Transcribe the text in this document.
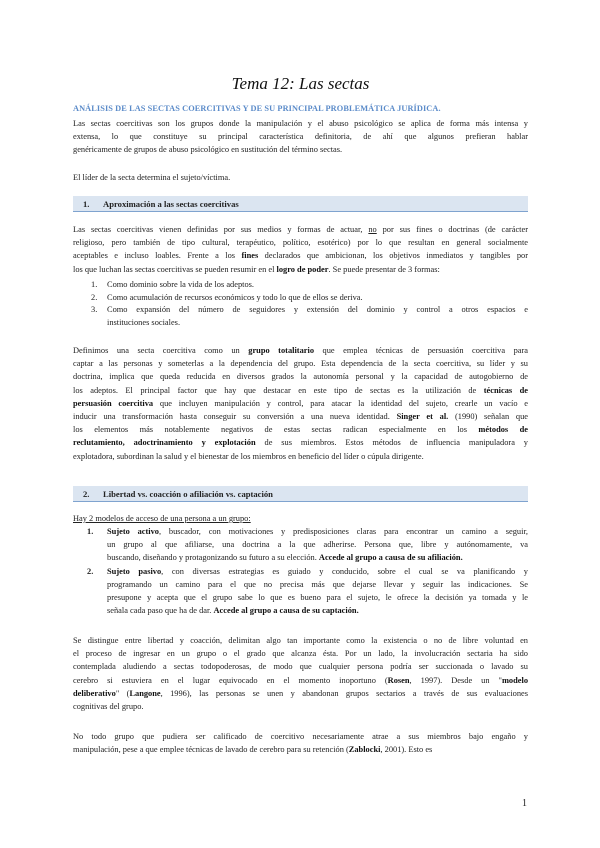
Tema 12: Las sectas
ANÁLISIS DE LAS SECTAS COERCITIVAS Y DE SU PRINCIPAL PROBLEMÁTICA JURÍDICA.
Las sectas coercitivas son los grupos donde la manipulación y el abuso psicológico se aplica de forma más intensa y
extensa, lo que constituye su principal característica definitoria, de ahí que algunos prefieran hablar
genéricamente de grupos de abuso psicológico en sustitución del término sectas.
El líder de la secta determina el sujeto/víctima.
1. Aproximación a las sectas coercitivas
Las sectas coercitivas vienen definidas por sus medios y formas de actuar, no por sus fines o doctrinas (de carácter
religioso, pero también de tipo cultural, terapéutico, político, esotérico) por lo que resultan en general socialmente
aceptables e incluso loables. Frente a los fines declarados que ambicionan, los objetivos inmediatos y tangibles por
los que luchan las sectas coercitivas se pueden resumir en el logro de poder. Se puede presentar de 3 formas:
1. Como dominio sobre la vida de los adeptos.
2. Como acumulación de recursos económicos y todo lo que de ellos se deriva.
3. Como expansión del número de seguidores y extensión del dominio y control a otros espacios e
instituciones sociales.
Definimos una secta coercitiva como un grupo totalitario que emplea técnicas de persuasión coercitiva para
captar a las personas y someterlas a la dependencia del grupo. Esta dependencia de la secta coercitiva, su líder y su
doctrina, implica que queda reducida en diversos grados la autonomía personal y la capacidad de autogobierno de
los adeptos. El principal factor que hay que destacar en este tipo de sectas es la utilización de técnicas de
persuasión coercitiva que incluyen manipulación y control, para atacar la identidad del sujeto, crearle un vacío e
inducir una transformación hasta conseguir su conversión a una nueva identidad. Singer et al. (1990) señalan que
los elementos más notablemente negativos de estas sectas radican especialmente en los métodos de
reclutamiento, adoctrinamiento y explotación de sus miembros. Estos métodos de influencia manipuladora y
explotadora, subordinan la salud y el bienestar de los miembros en beneficio del líder o cúpula dirigente.
2. Libertad vs. coacción o afiliación vs. captación
Hay 2 modelos de acceso de una persona a un grupo:
1. Sujeto activo, buscador, con motivaciones y predisposiciones claras para encontrar un camino a seguir,
un grupo al que afiliarse, una doctrina a la que adherirse. Persona que, libre y autónomamente, va
buscando, diseñando y protagonizando su futuro a su elección. Accede al grupo a causa de su afiliación.
2. Sujeto pasivo, con diversas estrategias es guiado y conducido, sobre el cual se va planificando y
programando un camino para el que no precisa más que dejarse llevar y seguir las indicaciones. Se
presupone y acepta que el grupo sabe lo que es bueno para el sujeto, le ofrece la decisión ya tomada y le
señala cada paso que ha de dar. Accede al grupo a causa de su captación.
Se distingue entre libertad y coacción, delimitan algo tan importante como la existencia o no de libre voluntad en
el proceso de ingresar en un grupo o el grado que alcanza ésta. Por un lado, la involucración sectaria ha sido
contemplada aludiendo a sectas todopoderosas, de modo que cualquier persona podría ser succionada o lavado su
cerebro si estuviera en el lugar equivocado en el momento inoportuno (Rosen, 1997). Desde un "modelo
deliberativo" (Langone, 1996), las personas se unen y abandonan grupos sectarios a través de sus evaluaciones
cognitivas del grupo.
No todo grupo que pudiera ser calificado de coercitivo necesariamente atrae a sus miembros bajo engaño y
manipulación, pese a que emplee técnicas de lavado de cerebro para su retención (Zablocki, 2001). Esto es
1
